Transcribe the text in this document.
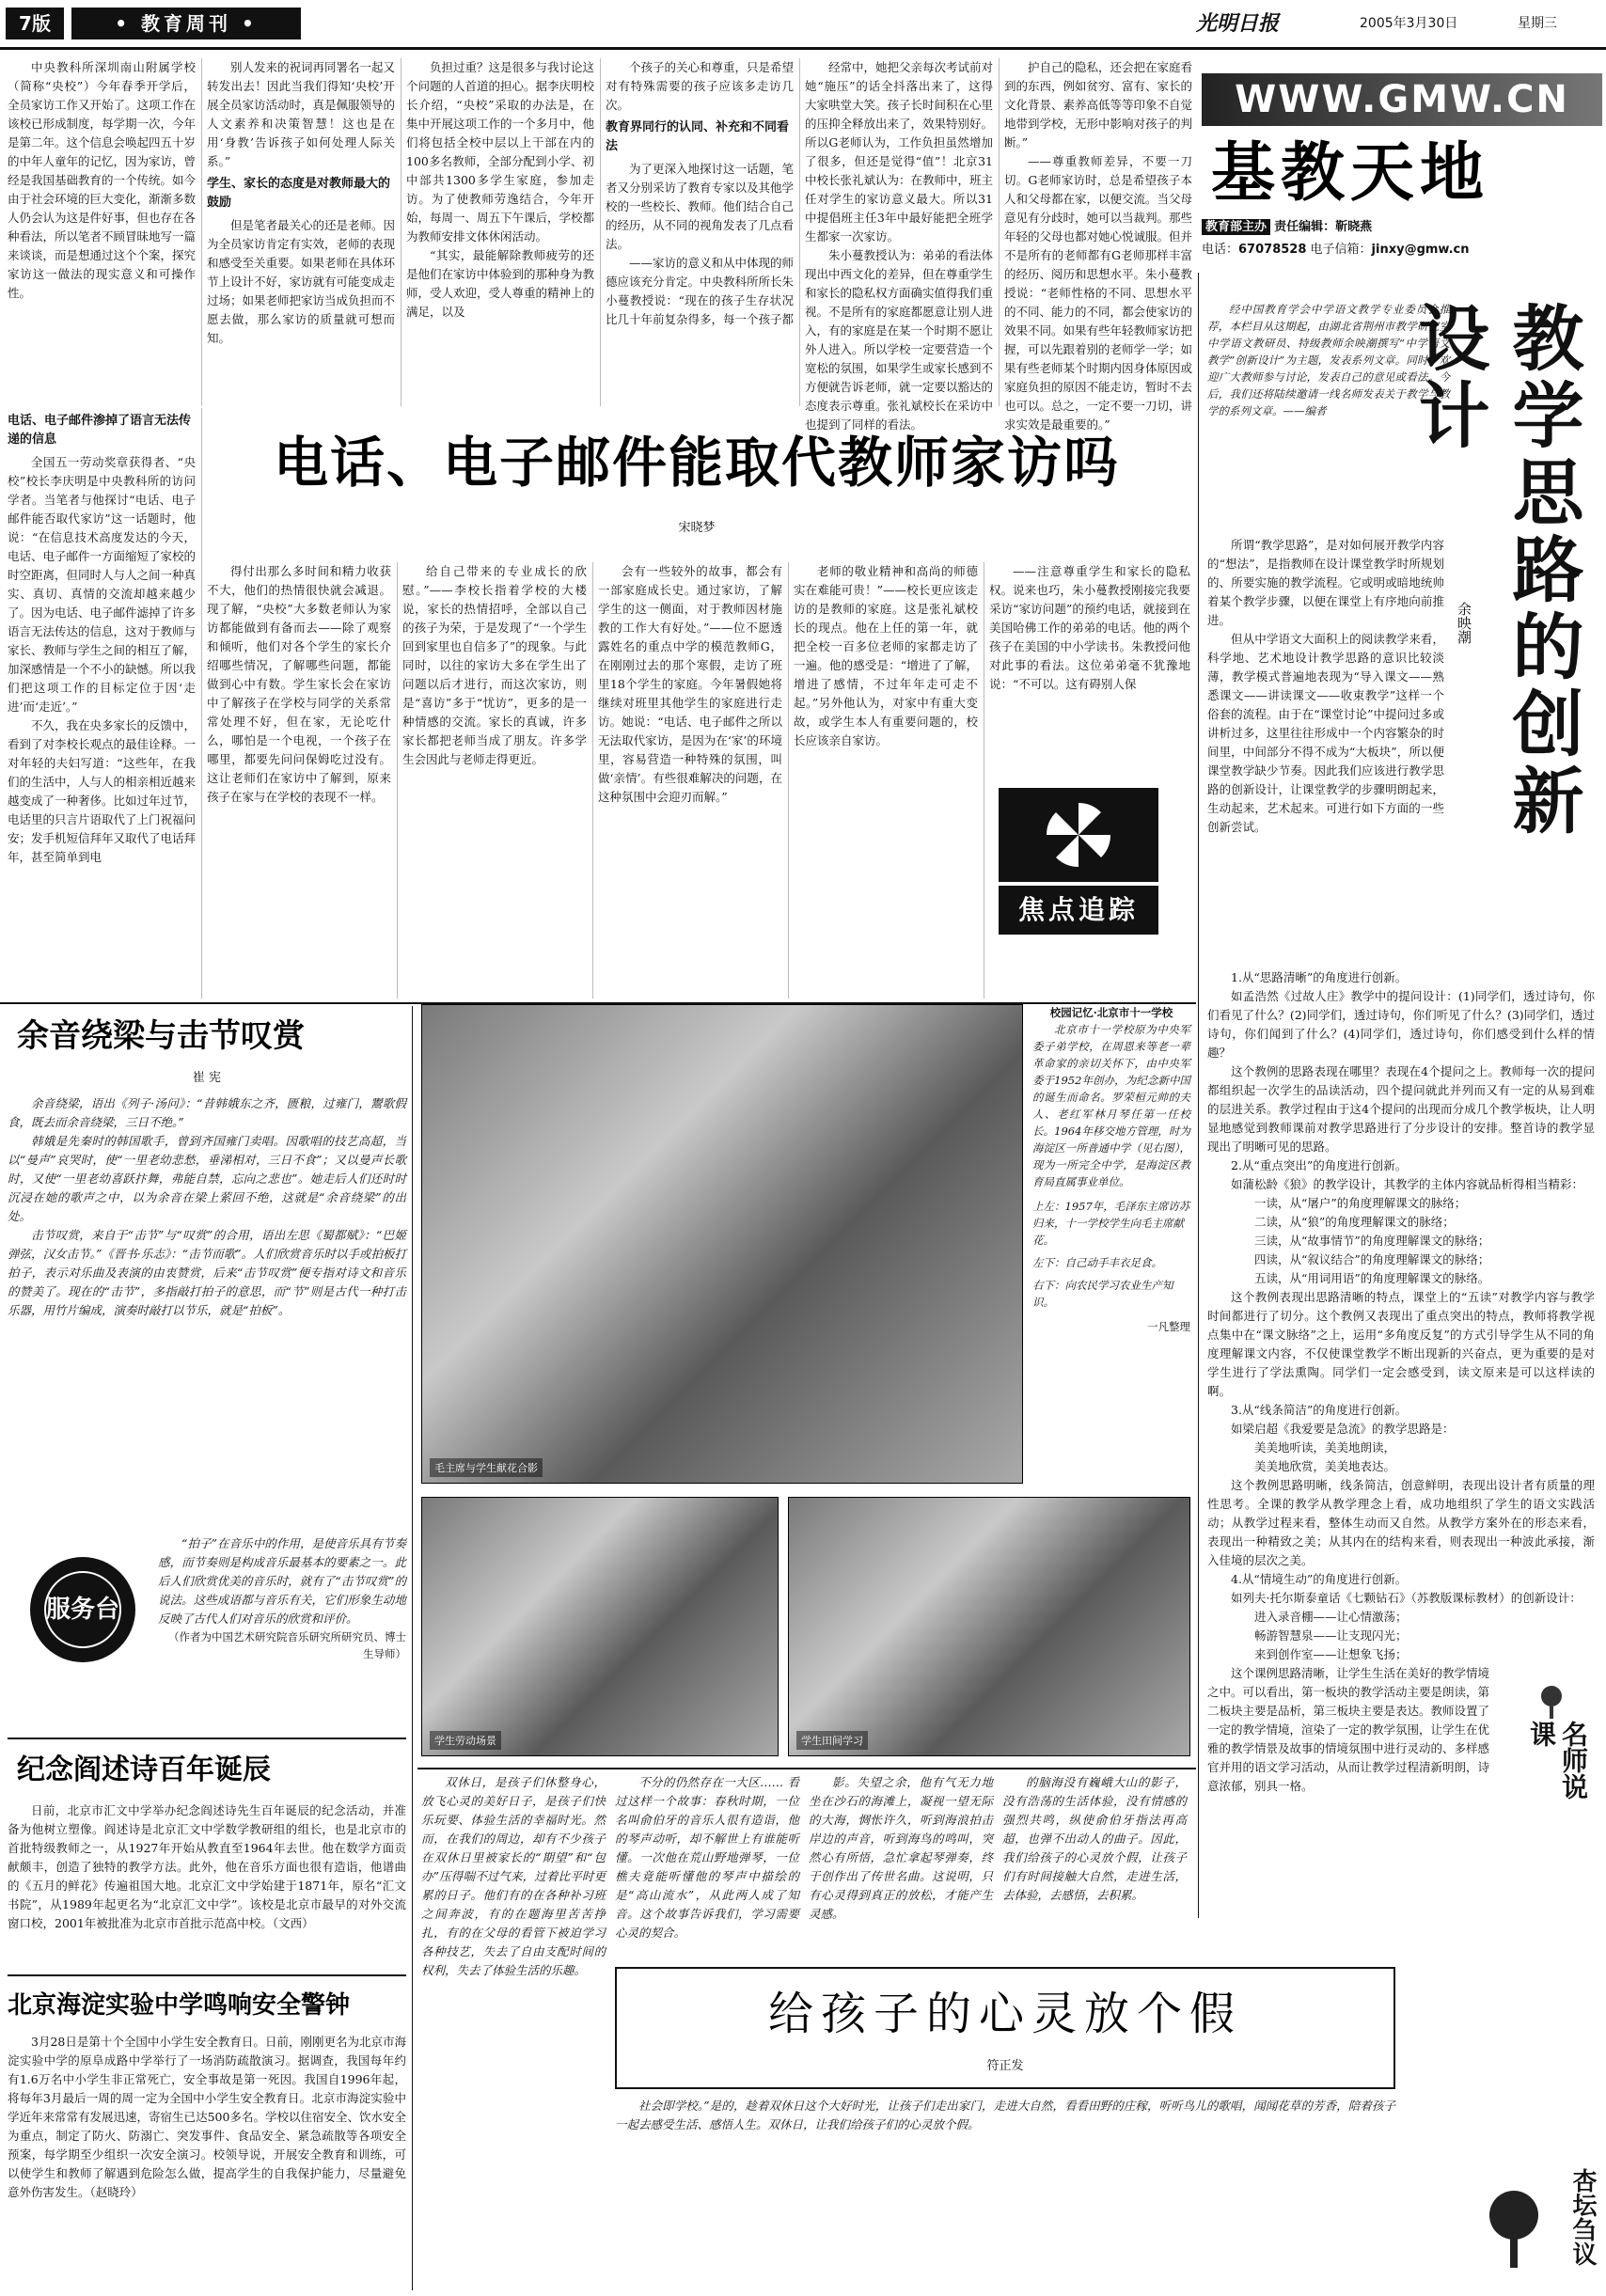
7版	• 教育周刊 •	光明日报	2005年3月30日	星期三
WWW.GMW.CN
基教天地
教育部主办 责任编辑：靳晓燕
电话：67078528 电子信箱：jinxy@gmw.cn

中央教科所深圳南山附属学校（简称“央校”）今年春季开学后，全员家访工作又开始了。这项工作在该校已形成制度，每学期一次，今年是第二年。这个信息会唤起四五十岁的中年人童年的记忆，因为家访，曾经是我国基础教育的一个传统。如今由于社会环境的巨大变化，渐渐多数人仍会认为这是件好事，但也存在各种看法，所以笔者不顾冒昧地写一篇来谈谈，而是想通过这个个案，探究家访这一做法的现实意义和可操作性。

别人发来的祝词再同署名一起又转发出去！因此当我们得知‘央校’开展全员家访活动时，真是佩服领导的人文素养和决策智慧！这也是在用‘身教’告诉孩子如何处理人际关系。”

学生、家长的态度是对教师最大的鼓励

但是笔者最关心的还是老师。因为全员家访肯定有实效，老师的表现和感受至关重要。如果老师在具体环节上设计不好，家访就有可能变成走过场；如果老师把家访当成负担而不愿去做，那么家访的质量就可想而知。

负担过重？这是很多与我讨论这个问题的人首道的担心。据李庆明校长介绍，“央校”采取的办法是，在集中开展这项工作的一个多月中，他们将包括全校中层以上干部在内的100多名教师，全部分配到小学、初中部共1300多学生家庭，参加走访。为了使教师劳逸结合，今年开始，每周一、周五下午课后，学校都为教师安排文体休闲活动。

“其实，最能解除教师疲劳的还是他们在家访中体验到的那种身为教师，受人欢迎，受人尊重的精神上的满足，以及

个孩子的关心和尊重，只是希望对有特殊需要的孩子应该多走访几次。

教育界同行的认同、补充和不同看法

为了更深入地探讨这一话题，笔者又分别采访了教育专家以及其他学校的一些校长、教师。他们结合自己的经历，从不同的视角发表了几点看法。

——家访的意义和从中体现的师德应该充分肯定。中央教科所所长朱小蔓教授说：“现在的孩子生存状况比几十年前复杂得多，每一个孩子都

经常中，她把父亲每次考试前对她“施压”的话全抖落出来了，这得大家哄堂大笑。孩子长时间积在心里的压抑全释放出来了，效果特别好。所以G老师认为，工作负担虽然增加了很多，但还是觉得“值”！北京31中校长张礼斌认为：在教师中，班主任对学生的家访意义最大。所以31中提倡班主任3年中最好能把全班学生都家一次家访。

朱小蔓教授认为：弟弟的看法体现出中西文化的差异，但在尊重学生和家长的隐私权方面确实值得我们重视。不是所有的家庭都愿意让别人进入，有的家庭是在某一个时期不愿让外人进入。所以学校一定要营造一个宽松的氛围，如果学生或家长感到不方便就告诉老师，就一定要以豁达的态度表示尊重。张礼斌校长在采访中也提到了同样的看法。

护自己的隐私，还会把在家庭看到的东西，例如贫穷、富有、家长的文化背景、素养高低等等印象不自觉地带到学校，无形中影响对孩子的判断。”

——尊重教师差异，不要一刀切。G老师家访时，总是希望孩子本人和父母都在家，以便交流。当父母意见有分歧时，她可以当裁判。那些年轻的父母也都对她心悦诚服。但并不是所有的老师都有G老师那样丰富的经历、阅历和思想水平。朱小蔓教授说：“老师性格的不同、思想水平的不同、能力的不同，都会使家访的效果不同。如果有些年轻教师家访把握，可以先跟着别的老师学一学；如果有些老师某个时期内因身体原因或家庭负担的原因不能走访，暂时不去也可以。总之，一定不要一刀切，讲求实效是最重要的。”

电话、电子邮件能取代教师家访吗
宋晓梦

电话、电子邮件渗掉了语言无法传递的信息

全国五一劳动奖章获得者、“央校”校长李庆明是中央教科所的访问学者。当笔者与他探讨“电话、电子邮件能否取代家访”这一话题时，他说：“在信息技术高度发达的今天，电话、电子邮件一方面缩短了家校的时空距离，但同时人与人之间一种真实、真切、真情的交流却越来越少了。因为电话、电子邮件滤掉了许多语言无法传达的信息，这对于教师与家长、教师与学生之间的相互了解，加深感情是一个不小的缺憾。所以我们把这项工作的目标定位于因‘走进’而‘走近’。”

不久，我在央多家长的反馈中，看到了对李校长观点的最佳诠释。一对年轻的夫妇写道：“这些年，在我们的生活中，人与人的相亲相近越来越变成了一种奢侈。比如过年过节，电话里的只言片语取代了上门祝福问安；发手机短信拜年又取代了电话拜年，甚至简单到电

得付出那么多时间和精力收获不大，他们的热情很快就会减退。现了解，“央校”大多数老师认为家访都能做到有备而去——除了观察和倾听，他们对各个学生的家长介绍哪些情况，了解哪些问题，都能做到心中有数。学生家长会在家访中了解孩子在学校与同学的关系常常处理不好，但在家，无论吃什么，哪怕是一个电视，一个孩子在哪里，都要先问问保姆吃过没有。这让老师们在家访中了解到，原来孩子在家与在学校的表现不一样。

给自己带来的专业成长的欣慰。”——李校长指着学校的大楼说，家长的热情招呼，全部以自己的孩子为荣，于是发现了“一个学生回到家里也自信多了”的现象。与此同时，以往的家访大多在学生出了问题以后才进行，而这次家访，则是“喜访”多于“忧访”，更多的是一种情感的交流。家长的真诚，许多家长都把老师当成了朋友。许多学生会因此与老师走得更近。

会有一些较外的故事，都会有一部家庭成长史。通过家访，了解学生的这一侧面，对于教师因材施教的工作大有好处。”——位不愿透露姓名的重点中学的模范教师G，在刚刚过去的那个寒假，走访了班里18个学生的家庭。今年暑假她将继续对班里其他学生的家庭进行走访。她说：“电话、电子邮件之所以无法取代家访，是因为在‘家’的环境里，容易营造一种特殊的氛围，叫做‘亲情’。有些很难解决的问题，在这种氛围中会迎刃而解。”

老师的敬业精神和高尚的师德实在难能可贵！”——校长更应该走访的是教师的家庭。这是张礼斌校长的现点。他在上任的第一年，就把全校一百多位老师的家都走访了一遍。他的感受是：“增进了了解，增进了感情，不过年年走可走不起。”另外他认为，对家中有重大变故，或学生本人有重要问题的，校长应该亲自家访。

——注意尊重学生和家长的隐私权。说来也巧，朱小蔓教授刚接完我要采访“家访问题”的预约电话，就接到在美国哈佛工作的弟弟的电话。他的两个孩子在美国的中小学读书。朱教授问他对此事的看法。这位弟弟毫不犹豫地说：“不可以。这有碍别人保

焦点追踪

经中国教育学会中学语文教学专业委员会推荐，本栏目从这期起，由湖北省荆州市教学研究室中学语文教研员、特级教师余映潮撰写“中学语文教学”创新设计”为主题，发表系列文章。同时，欢迎广大教师参与讨论，发表自己的意见或看法。今后，我们还将陆续邀请一线名师发表关于教学与教学的系列文章。——编者	教学思路的创新设计
余映潮

所谓“教学思路”，是对如何展开教学内容的“想法”，是指教师在设计课堂教学时所规划的、所要实施的教学流程。它或明或暗地统帅着某个教学步骤，以便在课堂上有序地向前推进。

但从中学语文大面积上的阅读教学来看，科学地、艺术地设计教学思路的意识比较淡薄，教学模式普遍地表现为“导入课文——熟悉课文——讲读课文——收束教学”这样一个俗套的流程。由于在“课堂讨论”中提问过多或讲析过多，这里往往形成中一个内容繁杂的时间里，中间部分不得不成为“大板块”，所以便课堂教学缺少节奏。因此我们应该进行教学思路的创新设计，让课堂教学的步骤明朗起来，生动起来，艺术起来。可进行如下方面的一些创新尝试。

1.从“思路清晰”的角度进行创新。

如孟浩然《过故人庄》教学中的提问设计：(1)同学们，透过诗句，你们看见了什么？(2)同学们，透过诗句，你们听见了什么？(3)同学们，透过诗句，你们闻到了什么？(4)同学们，透过诗句，你们感受到什么样的情趣？

这个教例的思路表现在哪里？表现在4个提问之上。教师每一次的提问都组织起一次学生的品读活动，四个提问就此并列而又有一定的从易到难的层进关系。教学过程由于这4个提问的出现而分成几个教学板块，让人明显地感觉到教师课前对教学思路进行了分步设计的安排。整首诗的教学显现出了明晰可见的思路。

2.从“重点突出”的角度进行创新。

如蒲松龄《狼》的教学设计，其教学的主体内容就品析得相当精彩：

一读，从“屠户”的角度理解课文的脉络；

二读，从“狼”的角度理解课文的脉络；

三读，从“故事情节”的角度理解课文的脉络；

四读，从“叙议结合”的角度理解课文的脉络；

五读，从“用词用语”的角度理解课文的脉络。

这个教例表现出思路清晰的特点，课堂上的“五读”对教学内容与教学时间都进行了切分。这个教例又表现出了重点突出的特点，教师将教学视点集中在“课文脉络”之上，运用“多角度反复”的方式引导学生从不同的角度理解课文内容，不仅使课堂教学不断出现新的兴奋点，更为重要的是对学生进行了学法熏陶。同学们一定会感受到，读文原来是可以这样读的啊。

3.从“线条简洁”的角度进行创新。

如梁启超《我爱要是急流》的教学思路是：

美美地听读，美美地朗读，

美美地欣赏，美美地表达。

这个教例思路明晰，线条简洁，创意鲜明，表现出设计者有质量的理性思考。全课的教学从教学理念上看，成功地组织了学生的语文实践活动；从教学过程来看，整体生动而又自然。从教学方案外在的形态来看，表现出一种精致之美；从其内在的结构来看，则表现出一种波此承接，渐入佳境的层次之美。

4.从“情境生动”的角度进行创新。

如列夫·托尔斯泰童话《七颗钻石》（苏教版课标教材）的创新设计：

进入录音棚——让心情激荡；

畅游智慧泉——让支现闪光；

来到创作室——让想象飞扬；

这个课例思路清晰，让学生生活在美好的教学情境之中。可以看出，第一板块的教学活动主要是朗读，第二板块主要是品析，第三板块主要是表达。教师设置了一定的教学情境，渲染了一定的教学氛围，让学生在优雅的教学情景及故事的情境氛围中进行灵动的、多样感官并用的语文学习活动，从而让教学过程清新明朗，诗意浓郁，别具一格。	名师说课
余音绕梁与击节叹赏
崔 宪

余音绕梁，语出《列子·汤问》：“昔韩娥东之齐，匮粮，过雍门，鬻歌假食，既去而余音绕梁，三日不绝。”

韩娥是先秦时的韩国歌手，曾到齐国雍门卖唱。因歌唱的技艺高超，当以“曼声”哀哭时，使“一里老幼悲愁，垂涕相对，三日不食”；又以曼声长歌时，又使“一里老幼喜跃抃舞，弗能自禁，忘向之悲也”。她走后人们还时时沉浸在她的歌声之中，以为余音在梁上萦回不绝，这就是“余音绕梁”的出处。

击节叹赏，来自于“击节”与“叹赏”的合用，语出左思《蜀都赋》：“巴姬弹弦，汉女击节。”《晋书·乐志》：“击节而歌”。人们欣赏音乐时以手或拍板打拍子，表示对乐曲及表演的由衷赞赏，后来“击节叹赏”便专指对诗文和音乐的赞美了。现在的“击节”，多指敲打拍子的意思，而“节”则是古代一种打击乐器，用竹片编成，演奏时敲打以节乐，就是“拍板”。

服务台

“拍子”在音乐中的作用，是使音乐具有节奏感，而节奏则是构成音乐最基本的要素之一。此后人们欣赏优美的音乐时，就有了“击节叹赏”的说法。这些成语都与音乐有关，它们形象生动地反映了古代人们对音乐的欣赏和评价。

（作者为中国艺术研究院音乐研究所研究员、博士生导师）

纪念阎述诗百年诞辰

日前，北京市汇文中学举办纪念阎述诗先生百年诞辰的纪念活动，并准备为他树立塑像。阎述诗是北京汇文中学数学教研组的组长，也是北京市的首批特级教师之一，从1927年开始从教直至1964年去世。他在数学方面贡献颇丰，创造了独特的教学方法。此外，他在音乐方面也很有造诣，他谱曲的《五月的鲜花》传遍祖国大地。北京汇文中学始建于1871年，原名“汇文书院”，从1989年起更名为“北京汇文中学”。该校是北京市最早的对外交流窗口校，2001年被批准为北京市首批示范高中校。（文西）

北京海淀实验中学鸣响安全警钟

3月28日是第十个全国中小学生安全教育日。日前，刚刚更名为北京市海淀实验中学的原阜成路中学举行了一场消防疏散演习。据调查，我国每年约有1.6万名中小学生非正常死亡，安全事故是第一死因。我国自1996年起，将每年3月最后一周的周一定为全国中小学生安全教育日。北京市海淀实验中学近年来常常有发展迅速，寄宿生已达500多名。学校以住宿安全、饮水安全为重点，制定了防火、防溺亡、突发事件、食品安全、紧急疏散等各项安全预案，每学期至少组织一次安全演习。校领导说，开展安全教育和训练，可以使学生和教师了解遇到危险怎么做，提高学生的自我保护能力，尽量避免意外伤害发生。（赵晓玲）

毛主席与学生献花合影

校园记忆·北京市十一学校

北京市十一学校原为中央军委子弟学校，在周恩来等老一辈革命家的亲切关怀下，由中央军委于1952年创办，为纪念新中国的诞生而命名。罗荣桓元帅的夫人、老红军林月琴任第一任校长。1964年移交地方管理，时为海淀区一所普通中学（见右图），现为一所完全中学，是海淀区教育局直属事业单位。

上左：1957年，毛泽东主席访苏归来，十一学校学生向毛主席献花。

左下：自己动手丰衣足食。

右下：向农民学习农业生产知识。

一凡整理

学生劳动场景	学生田间学习

双休日，是孩子们休整身心，放飞心灵的美好日子，是孩子们快乐玩要、体验生活的幸福时光。然而，在我们的周边，却有不少孩子在双休日里被家长的“期望”和“包办”压得喘不过气来，过着比平时更累的日子。他们有的在各种补习班之间奔波，有的在题海里苦苦挣扎，有的在父母的看管下被迫学习各种技艺，失去了自由支配时间的权利，失去了体验生活的乐趣。

不分的仍然存在一大区…… 看过这样一个故事：春秋时期，一位名叫俞伯牙的音乐人很有造诣，他的琴声动听，却不解世上有谁能听懂。一次他在荒山野地弹琴，一位樵夫竟能听懂他的琴声中描绘的是“高山流水”，从此两人成了知音。这个故事告诉我们，学习需要心灵的契合。

影。失望之余，他有气无力地坐在沙石的海滩上，凝视一望无际的大海，惆怅许久，听到海浪拍击岸边的声音，听到海鸟的鸣叫，突然心有所悟，急忙拿起琴弹奏，终于创作出了传世名曲。这说明，只有心灵得到真正的放松，才能产生灵感。

的脑海没有巍峨大山的影子，没有浩荡的生活体验，没有情感的强烈共鸣，纵使俞伯牙指法再高超，也弹不出动人的曲子。因此，我们给孩子的心灵放个假，让孩子们有时间接触大自然，走进生活，去体验，去感悟，去积累。

给孩子的心灵放个假
符正发

社会即学校。”是的，趁着双休日这个大好时光，让孩子们走出家门，走进大自然，看看田野的庄稼，听听鸟儿的歌唱，闻闻花草的芳香，陪着孩子一起去感受生活、感悟人生。双休日，让我们给孩子们的心灵放个假。

杏坛刍议
